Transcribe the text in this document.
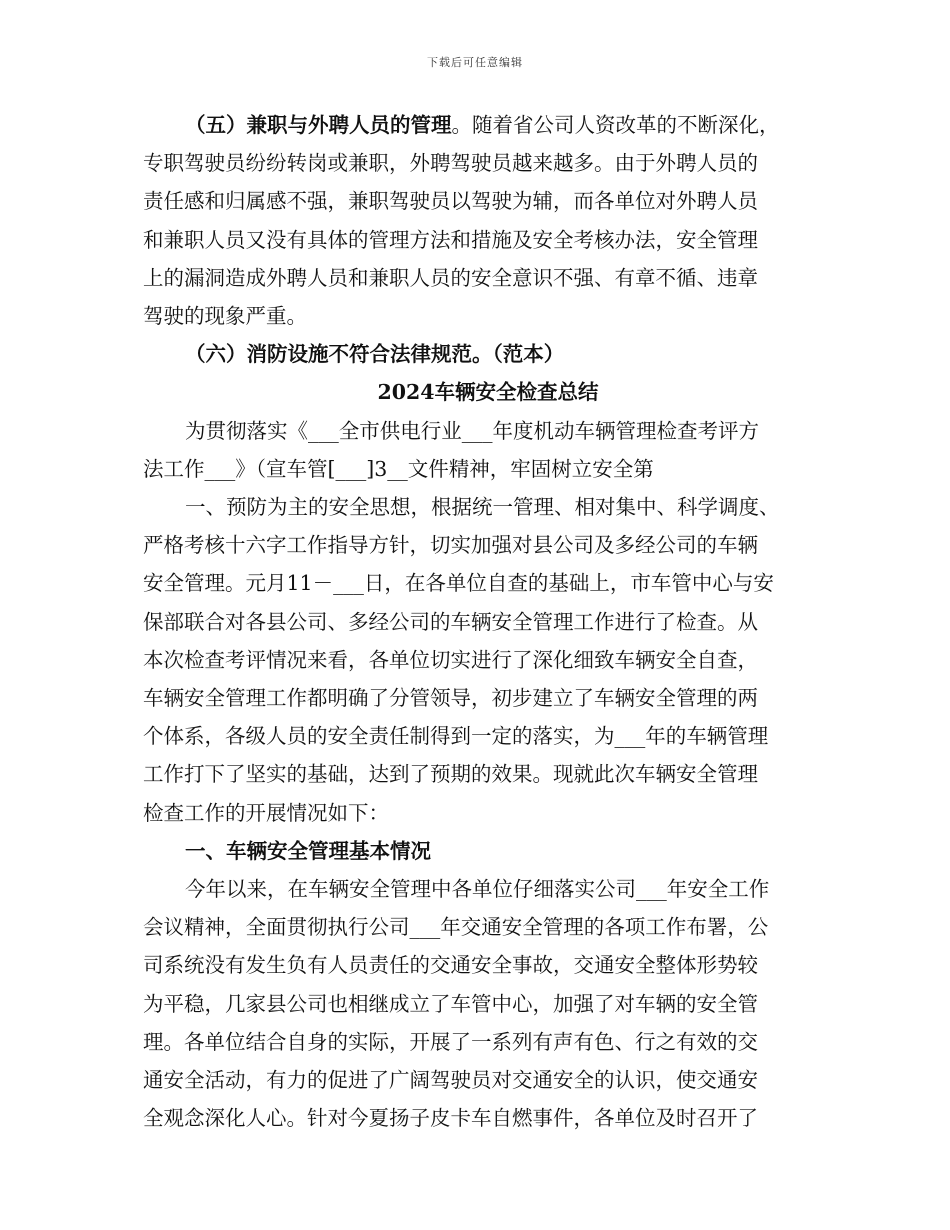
下载后可任意编辑

（五）兼职与外聘人员的管理。随着省公司人资改革的不断深化，
专职驾驶员纷纷转岗或兼职，外聘驾驶员越来越多。由于外聘人员的
责任感和归属感不强，兼职驾驶员以驾驶为辅，而各单位对外聘人员
和兼职人员又没有具体的管理方法和措施及安全考核办法，安全管理
上的漏洞造成外聘人员和兼职人员的安全意识不强、有章不循、违章
驾驶的现象严重。

（六）消防设施不符合法律规范。（范本）

2024车辆安全检查总结

为贯彻落实《___全市供电行业___年度机动车辆管理检查考评方
法工作___》（宣车管[___]3__文件精神，牢固树立安全第

一、预防为主的安全思想，根据统一管理、相对集中、科学调度、
严格考核十六字工作指导方针，切实加强对县公司及多经公司的车辆
安全管理。元月11－___日，在各单位自查的基础上，市车管中心与安
保部联合对各县公司、多经公司的车辆安全管理工作进行了检查。从
本次检查考评情况来看，各单位切实进行了深化细致车辆安全自查，
车辆安全管理工作都明确了分管领导，初步建立了车辆安全管理的两
个体系，各级人员的安全责任制得到一定的落实，为___年的车辆管理
工作打下了坚实的基础，达到了预期的效果。现就此次车辆安全管理
检查工作的开展情况如下：

一、车辆安全管理基本情况

今年以来，在车辆安全管理中各单位仔细落实公司___年安全工作
会议精神，全面贯彻执行公司___年交通安全管理的各项工作布署，公
司系统没有发生负有人员责任的交通安全事故，交通安全整体形势较
为平稳，几家县公司也相继成立了车管中心，加强了对车辆的安全管
理。各单位结合自身的实际，开展了一系列有声有色、行之有效的交
通安全活动，有力的促进了广阔驾驶员对交通安全的认识，使交通安
全观念深化人心。针对今夏扬子皮卡车自燃事件，各单位及时召开了
